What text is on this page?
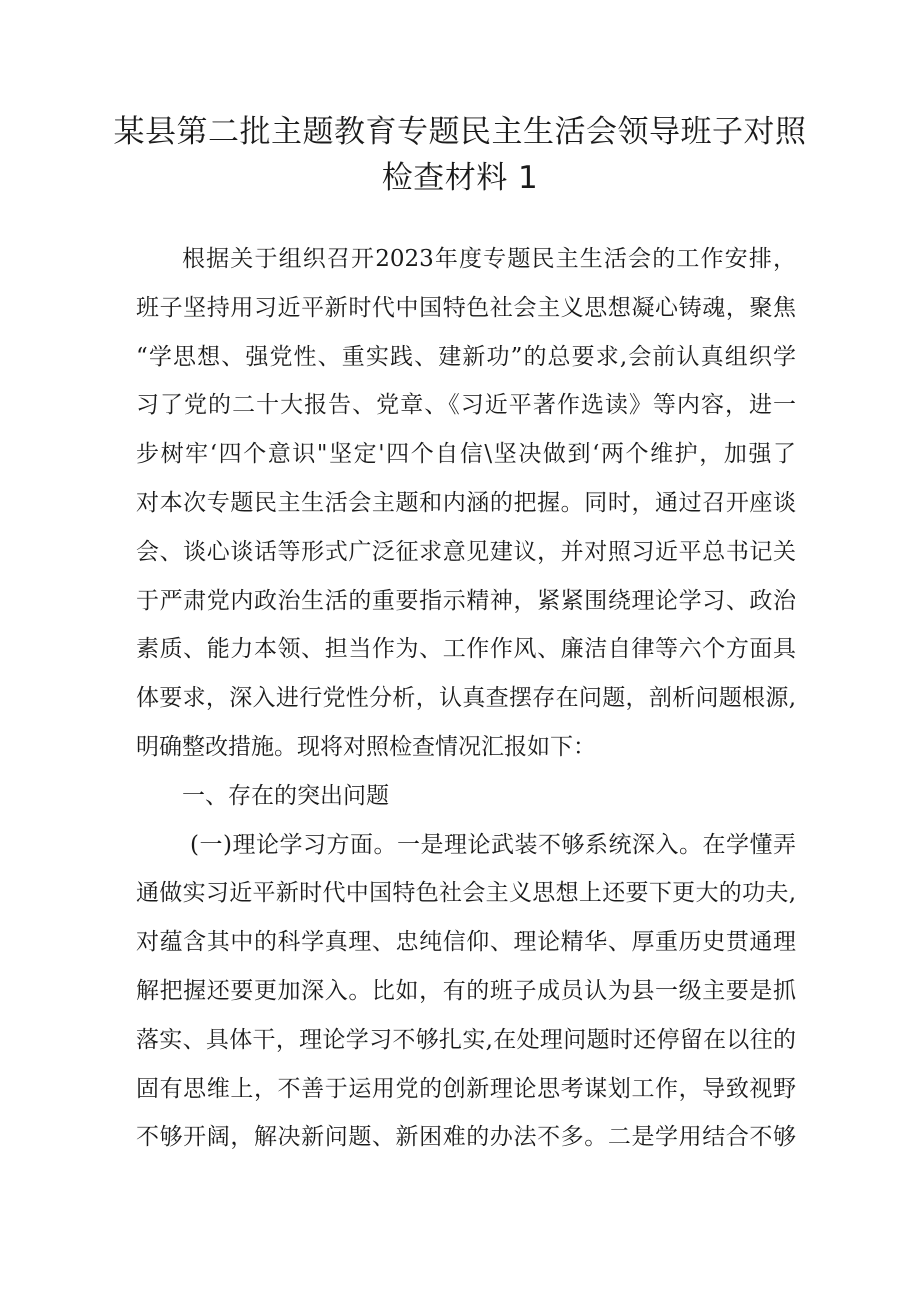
某县第二批主题教育专题民主生活会领导班子对照
检查材料 1
根据关于组织召开2023年度专题民主生活会的工作安排，
班子坚持用习近平新时代中国特色社会主义思想凝心铸魂，聚焦
“学思想、强党性、重实践、建新功”的总要求,会前认真组织学
习了党的二十大报告、党章、《习近平著作选读》等内容，进一
步树牢‘四个意识"坚定'四个自信\坚决做到‘两个维护，加强了
对本次专题民主生活会主题和内涵的把握。同时，通过召开座谈
会、谈心谈话等形式广泛征求意见建议，并对照习近平总书记关
于严肃党内政治生活的重要指示精神，紧紧围绕理论学习、政治
素质、能力本领、担当作为、工作作风、廉洁自律等六个方面具
体要求，深入进行党性分析，认真查摆存在问题，剖析问题根源,
明确整改措施。现将对照检查情况汇报如下：
一、存在的突出问题
(一)理论学习方面。一是理论武装不够系统深入。在学懂弄
通做实习近平新时代中国特色社会主义思想上还要下更大的功夫,
对蕴含其中的科学真理、忠纯信仰、理论精华、厚重历史贯通理
解把握还要更加深入。比如，有的班子成员认为县一级主要是抓
落实、具体干，理论学习不够扎实,在处理问题时还停留在以往的
固有思维上，不善于运用党的创新理论思考谋划工作，导致视野
不够开阔，解决新问题、新困难的办法不多。二是学用结合不够
